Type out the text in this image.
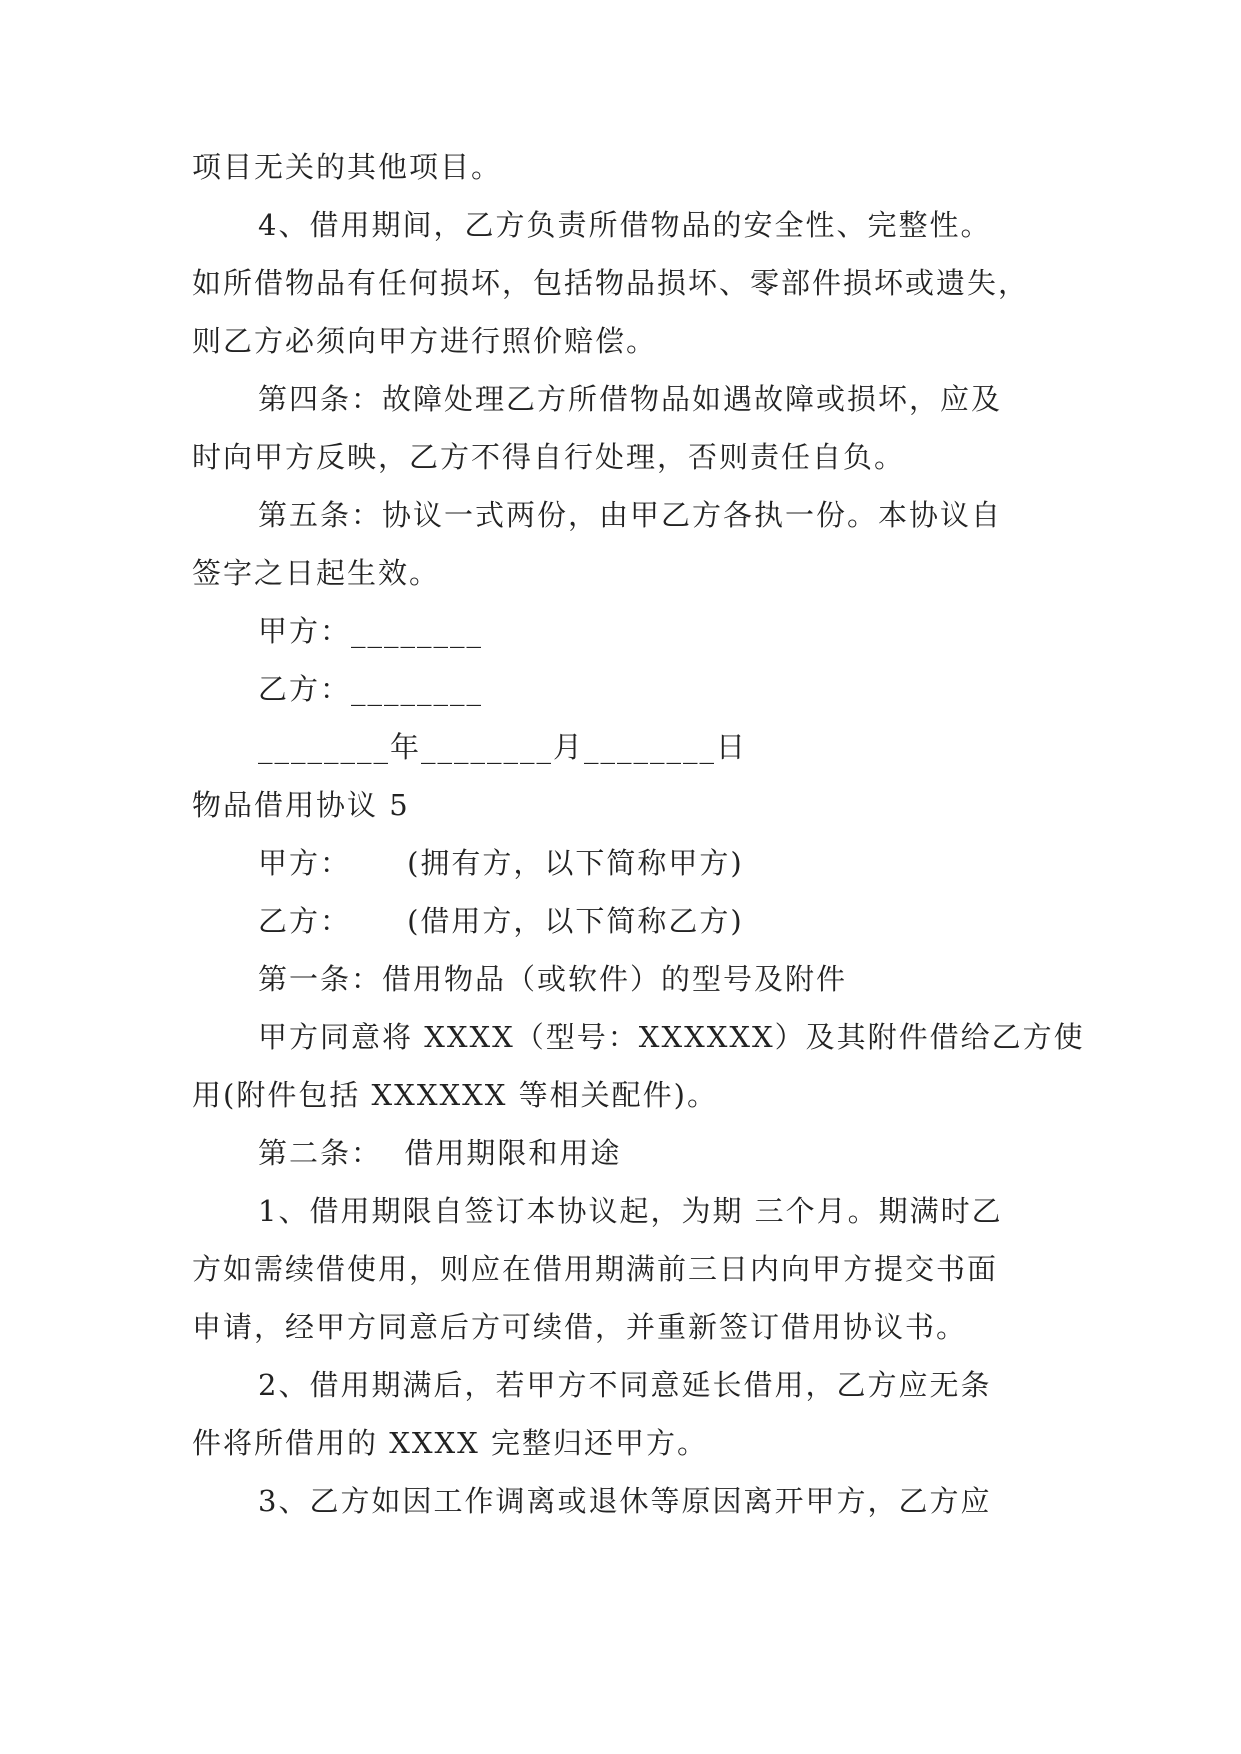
项目无关的其他项目。
4、借用期间，乙方负责所借物品的安全性、完整性。
如所借物品有任何损坏，包括物品损坏、零部件损坏或遗失，
则乙方必须向甲方进行照价赔偿。
第四条：故障处理乙方所借物品如遇故障或损坏，应及
时向甲方反映，乙方不得自行处理，否则责任自负。
第五条：协议一式两份，由甲乙方各执一份。本协议自
签字之日起生效。
甲方：________
乙方：________
________年________月________日
物品借用协议 5
甲方：     (拥有方，以下简称甲方)
乙方：     (借用方，以下简称乙方)
第一条：借用物品（或软件）的型号及附件
甲方同意将 XXXX（型号：XXXXXX）及其附件借给乙方使
用(附件包括 XXXXXX 等相关配件)。
第二条：  借用期限和用途
1、借用期限自签订本协议起，为期 三个月。期满时乙
方如需续借使用，则应在借用期满前三日内向甲方提交书面
申请，经甲方同意后方可续借，并重新签订借用协议书。
2、借用期满后，若甲方不同意延长借用，乙方应无条
件将所借用的 XXXX 完整归还甲方。
3、乙方如因工作调离或退休等原因离开甲方，乙方应
